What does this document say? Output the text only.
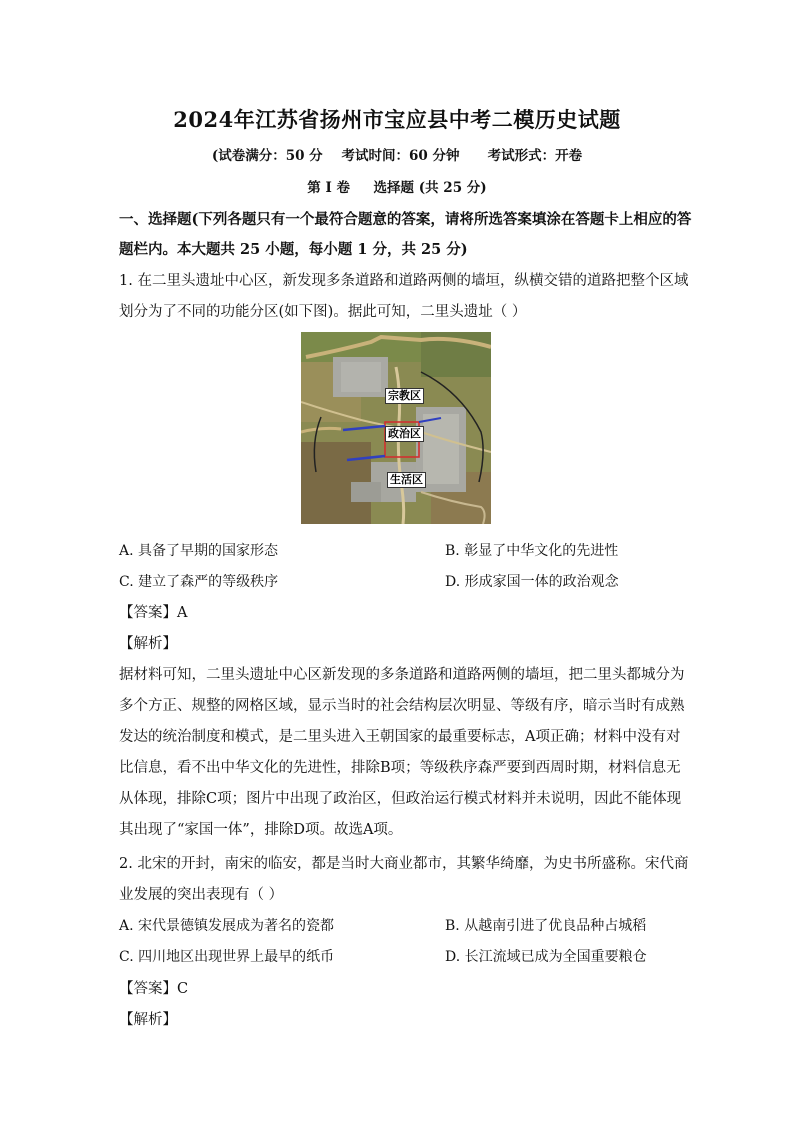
2024年江苏省扬州市宝应县中考二模历史试题
(试卷满分：50 分    考试时间：60 分钟      考试形式：开卷
第 I 卷     选择题 (共 25 分)
一、选择题(下列各题只有一个最符合题意的答案，请将所选答案填涂在答题卡上相应的答
题栏内。本大题共 25 小题，每小题 1 分，共 25 分)
1. 在二里头遗址中心区，新发现多条道路和道路两侧的墙垣，纵横交错的道路把整个区域
划分为了不同的功能分区(如下图)。据此可知，二里头遗址（ ）
宗教区
政治区
生活区
A. 具备了早期的国家形态	B. 彰显了中华文化的先进性
C. 建立了森严的等级秩序	D. 形成家国一体的政治观念
【答案】A
【解析】
据材料可知，二里头遗址中心区新发现的多条道路和道路两侧的墙垣，把二里头都城分为
多个方正、规整的网格区域，显示当时的社会结构层次明显、等级有序，暗示当时有成熟
发达的统治制度和模式，是二里头进入王朝国家的最重要标志，A项正确；材料中没有对
比信息，看不出中华文化的先进性，排除B项；等级秩序森严要到西周时期，材料信息无
从体现，排除C项；图片中出现了政治区，但政治运行模式材料并未说明，因此不能体现
其出现了“家国一体”，排除D项。故选A项。
2. 北宋的开封，南宋的临安，都是当时大商业都市，其繁华绮靡，为史书所盛称。宋代商
业发展的突出表现有（ ）
A. 宋代景德镇发展成为著名的瓷都	B. 从越南引进了优良品种占城稻
C. 四川地区出现世界上最早的纸币	D. 长江流域已成为全国重要粮仓
【答案】C
【解析】
